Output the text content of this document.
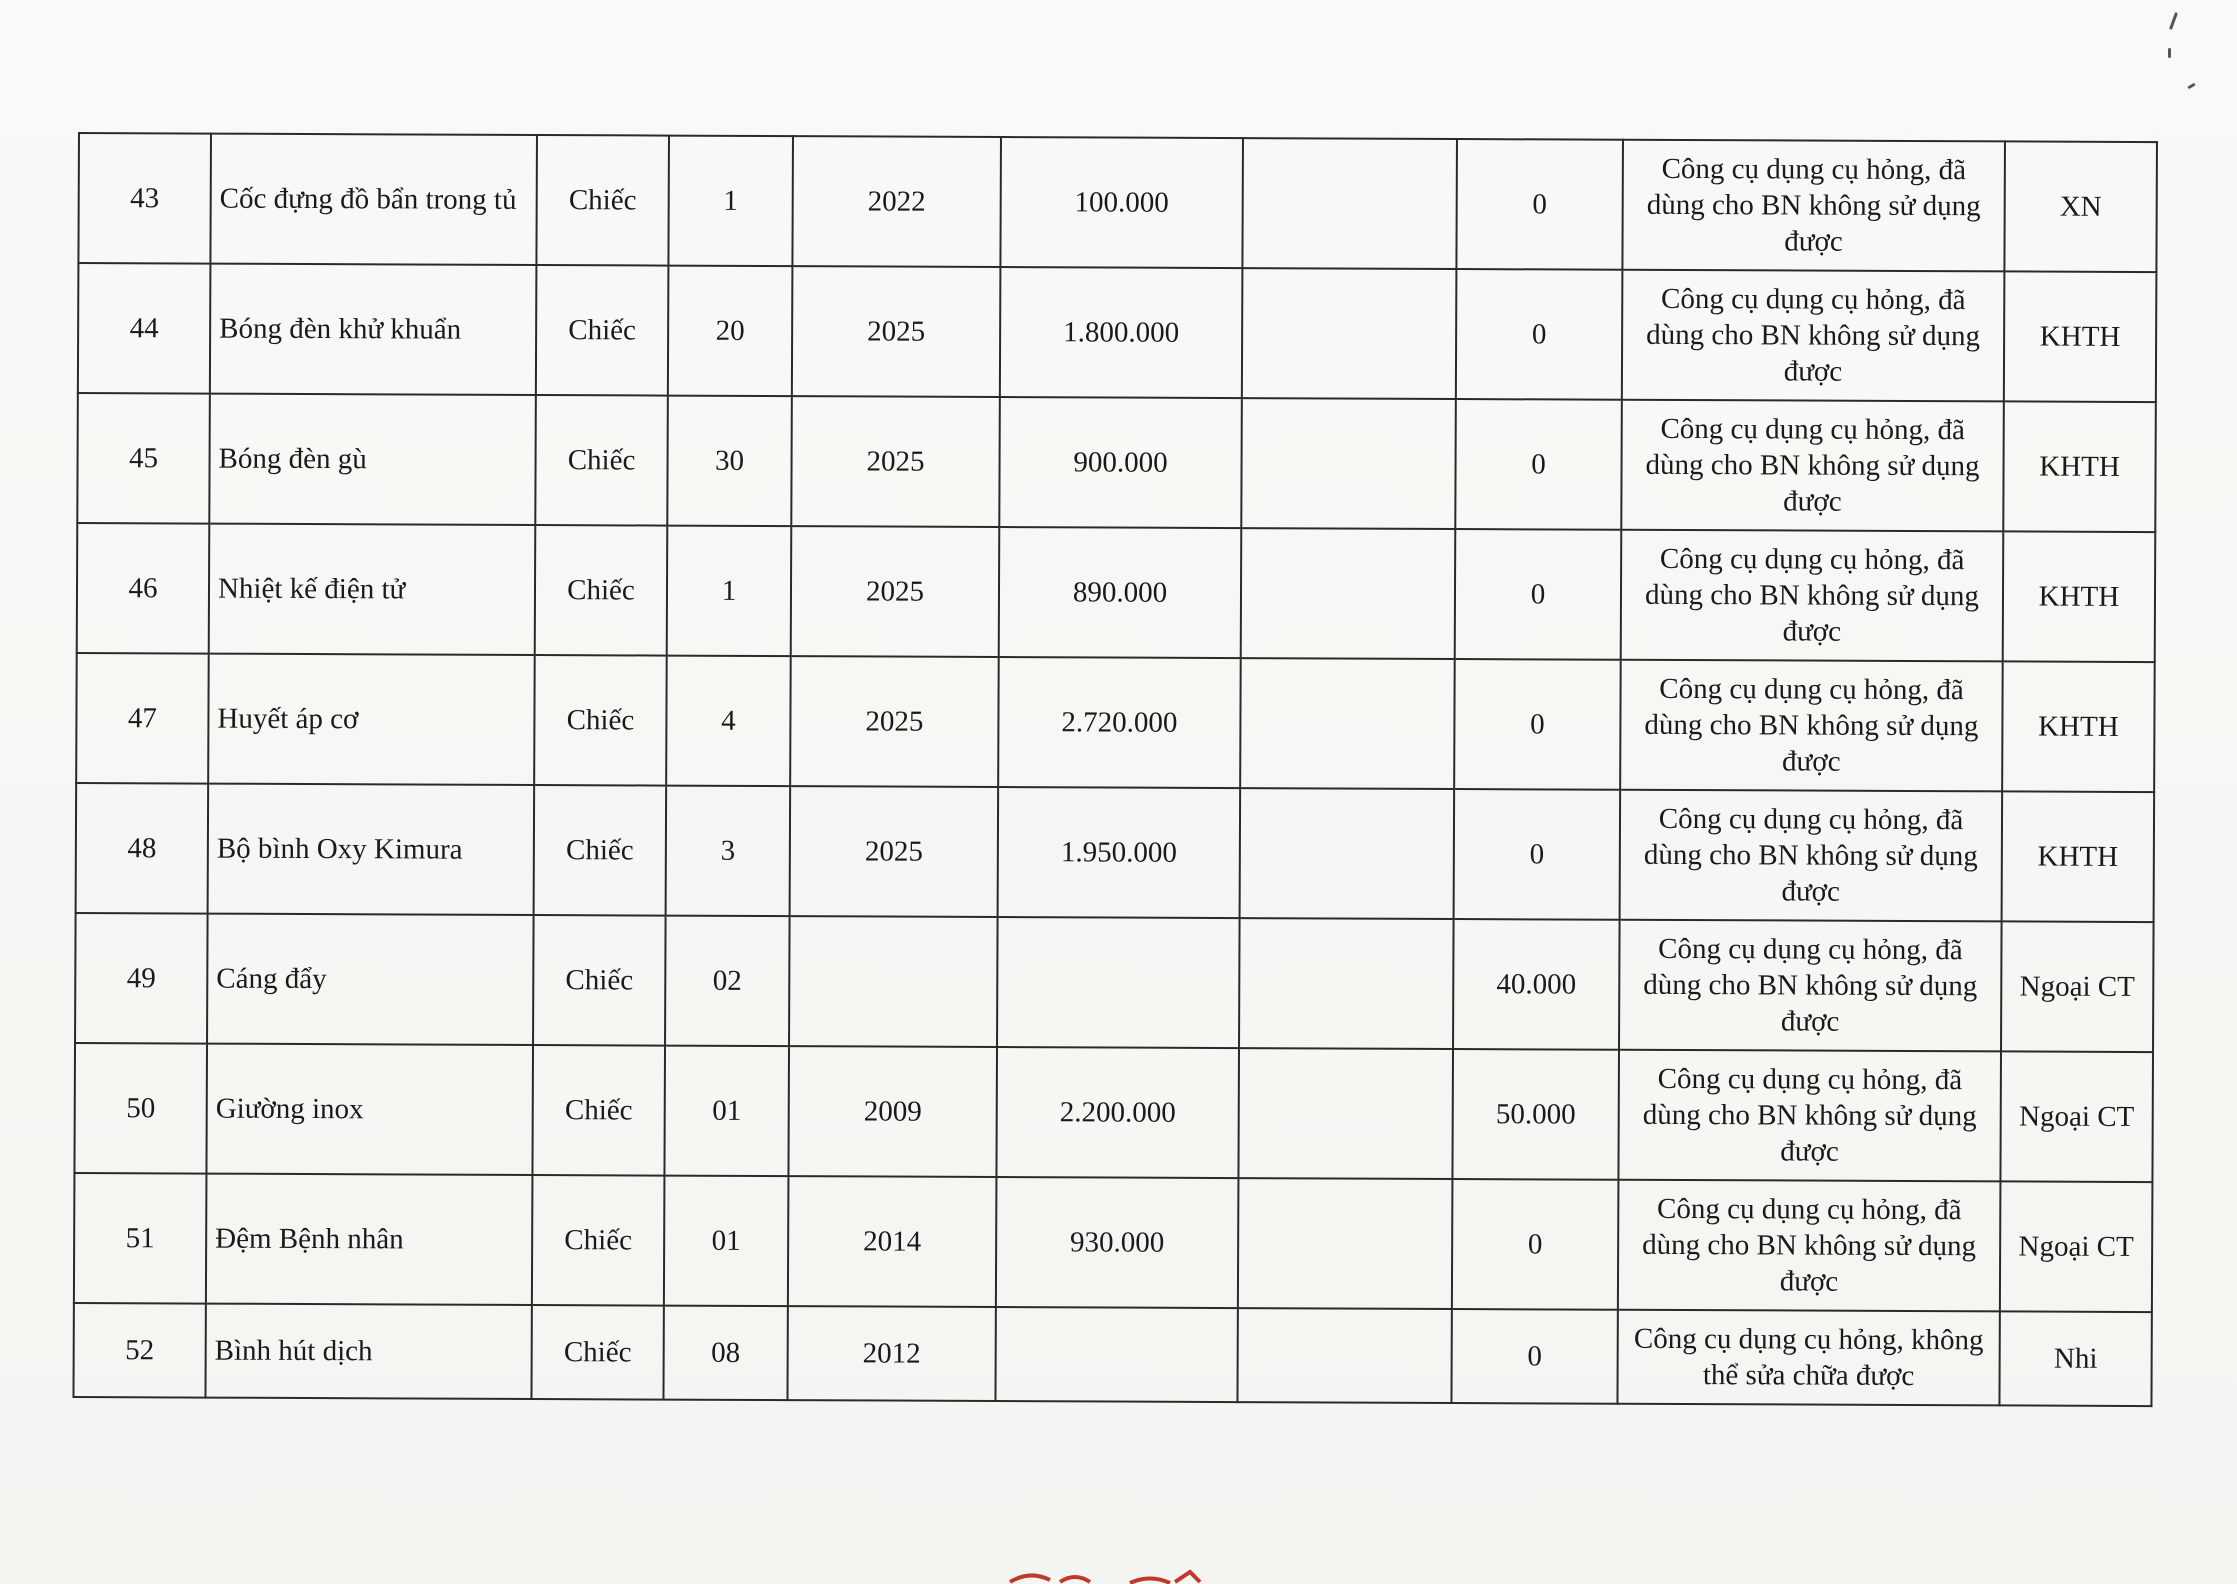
43	Cốc đựng đồ bẩn trong tủ	Chiếc	1	2022	100.000		0	Công cụ dụng cụ hỏng, đã dùng cho BN không sử dụng được	XN
44	Bóng đèn khử khuẩn	Chiếc	20	2025	1.800.000		0	Công cụ dụng cụ hỏng, đã dùng cho BN không sử dụng được	KHTH
45	Bóng đèn gù	Chiếc	30	2025	900.000		0	Công cụ dụng cụ hỏng, đã dùng cho BN không sử dụng được	KHTH
46	Nhiệt kế điện tử	Chiếc	1	2025	890.000		0	Công cụ dụng cụ hỏng, đã dùng cho BN không sử dụng được	KHTH
47	Huyết áp cơ	Chiếc	4	2025	2.720.000		0	Công cụ dụng cụ hỏng, đã dùng cho BN không sử dụng được	KHTH
48	Bộ bình Oxy Kimura	Chiếc	3	2025	1.950.000		0	Công cụ dụng cụ hỏng, đã dùng cho BN không sử dụng được	KHTH
49	Cáng đẩy	Chiếc	02				40.000	Công cụ dụng cụ hỏng, đã dùng cho BN không sử dụng được	Ngoại CT
50	Giường inox	Chiếc	01	2009	2.200.000		50.000	Công cụ dụng cụ hỏng, đã dùng cho BN không sử dụng được	Ngoại CT
51	Đệm Bệnh nhân	Chiếc	01	2014	930.000		0	Công cụ dụng cụ hỏng, đã dùng cho BN không sử dụng được	Ngoại CT
52	Bình hút dịch	Chiếc	08	2012			0	Công cụ dụng cụ hỏng, không thể sửa chữa được	Nhi
